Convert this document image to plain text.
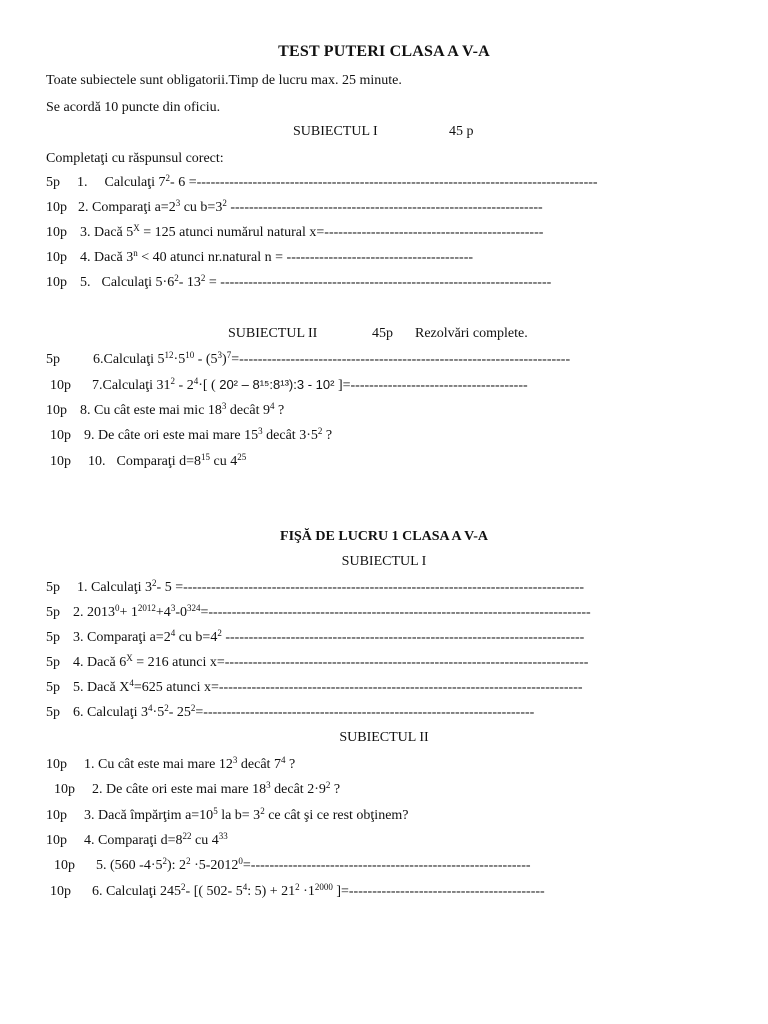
TEST PUTERI CLASA A V-A
Toate subiectele sunt obligatorii.Timp de lucru max. 25 minute.
Se acordă 10 puncte din oficiu.
SUBIECTUL I	45 p
Completaţi cu răspunsul corect:
5p 1. Calculaţi $7^2-$ 6 =--------------------------------------------------------------------------------------
10p 2. Comparaţi $a=2^3$ cu $b=3^2$ -------------------------------------------------------------------
10p 3. Dacă $5^X = 125$ atunci numărul natural x=-----------------------------------------------
10p 4. Dacă $3^n < 40$ atunci nr.natural n = ----------------------------------------
10p 5. Calculaţi $5\cdot 6^2-$ $13^2$ = -----------------------------------------------------------------------
SUBIECTUL II	45p Rezolvări complete.
5p 6.Calculaţi $5^{12}\cdot 5^{10} - (5^3)^7=-----------------------------------------------------------------------$
10p 7.Calculaţi $31^2 - 2^4\cdot$[ ( 20² – 8¹⁵:8¹³):3 - 10² ]=--------------------------------------
10p 8. Cu cât este mai mic $18^3$ decât $9^4$ ?
10p 9. De câte ori este mai mare $15^3$ decât $3\cdot 5^2$ ?
10p 10. Comparaţi $d=8^{15}$ cu $4^{25}$
FIŞĂ DE LUCRU 1 CLASA A V-A
SUBIECTUL I
5p 1. Calculaţi $3^2-$ 5 =--------------------------------------------------------------------------------------
5p 2. $2013^0+ 1^{2012}+4^3-0^{324}=----------------------------------------------------------------------------------$
5p 3. Comparaţi $a=2^4$ cu $b=4^2$ -----------------------------------------------------------------------------
5p 4. Dacă $6^X = 216$ atunci x=------------------------------------------------------------------------------
5p 5. Dacă $X^4=625$ atunci x=------------------------------------------------------------------------------
5p 6. Calculaţi $3^4\cdot 5^2-$ $25^2=-----------------------------------------------------------------------$
SUBIECTUL II
10p 1. Cu cât este mai mare $12^3$ decât $7^4$ ?
10p 2. De câte ori este mai mare $18^3$ decât $2\cdot 9^2$ ?
10p 3. Dacă împărţim $a=10^5$ la $b= 3^2$ ce cât şi ce rest obţinem?
10p 4. Comparaţi $d=8^{22}$ cu $4^{33}$
10p 5. (560 $-4\cdot 5^2$): $2^2 \cdot 5-2012^0=------------------------------------------------------------$
10p 6. Calculaţi $245^2-$ [( 502- $5^4$: $5) + 21^2 \cdot 1^{2000}$ ]=------------------------------------------
